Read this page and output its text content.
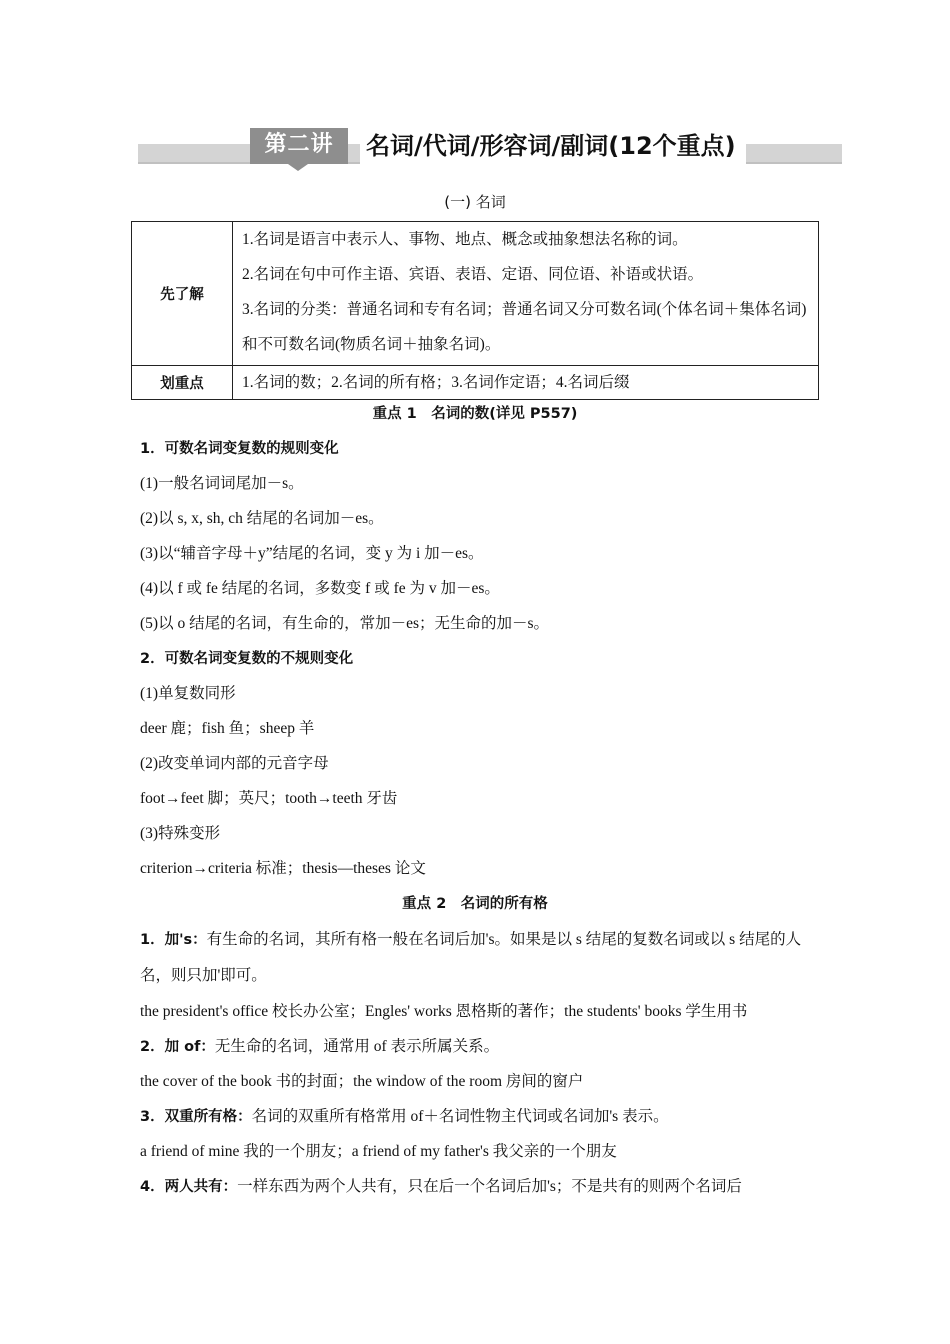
第二讲	名词/代词/形容词/副词(12个重点)
(一) 名词
先了解	1.名词是语言中表示人、事物、地点、概念或抽象想法名称的词。

2.名词在句中可作主语、宾语、表语、定语、同位语、补语或状语。

3.名词的分类：普通名词和专有名词；普通名词又分可数名词(个体名词＋集体名词)和不可数名词(物质名词＋抽象名词)。

划重点	1.名词的数；2.名词的所有格；3.名词作定语；4.名词后缀

重点 1　名词的数(详见 P557)
1．可数名词变复数的规则变化
(1)一般名词词尾加－s。
(2)以 s, x, sh, ch 结尾的名词加－es。
(3)以“辅音字母＋y”结尾的名词，变 y 为 i 加－es。
(4)以 f 或 fe 结尾的名词，多数变 f 或 fe 为 v 加－es。
(5)以 o 结尾的名词，有生命的，常加－es；无生命的加－s。
2．可数名词变复数的不规则变化
(1)单复数同形
deer 鹿；fish 鱼；sheep 羊
(2)改变单词内部的元音字母
foot→feet 脚；英尺；tooth→teeth 牙齿
(3)特殊变形
criterion→criteria 标准；thesis—theses 论文
重点 2　名词的所有格
1．加's：有生命的名词，其所有格一般在名词后加's。如果是以 s 结尾的复数名词或以 s 结尾的人名，则只加'即可。
the president's office 校长办公室；Engles' works 恩格斯的著作；the students' books 学生用书
2．加 of：无生命的名词，通常用 of 表示所属关系。
the cover of the book 书的封面；the window of the room 房间的窗户
3．双重所有格：名词的双重所有格常用 of＋名词性物主代词或名词加's 表示。
a friend of mine 我的一个朋友；a friend of my father's 我父亲的一个朋友
4．两人共有：一样东西为两个人共有，只在后一个名词后加's；不是共有的则两个名词后
